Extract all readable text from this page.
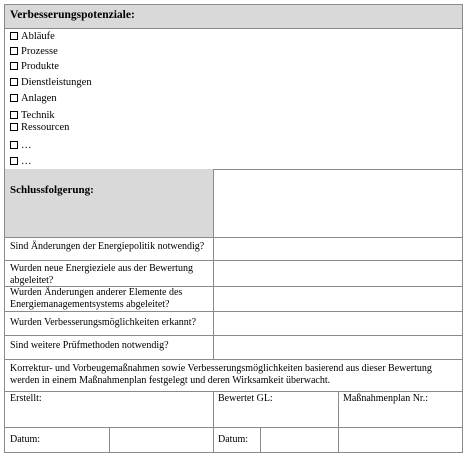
Verbesserungspotenziale:
Abläufe
Prozesse
Produkte
Dienstleistungen
Anlagen
Technik
Ressourcen
…
…
Schlussfolgerung:
Sind Änderungen der Energiepolitik notwendig?
Wurden neue Energieziele aus der Bewertung abgeleitet?
Wurden Änderungen anderer Elemente des Energiemanagementsystems abgeleitet?
Wurden Verbesserungsmöglichkeiten erkannt?
Sind weitere Prüfmethoden notwendig?
Korrektur- und Vorbeugemaßnahmen sowie Verbesserungsmöglichkeiten basierend aus dieser Bewertung werden in einem Maßnahmenplan festgelegt und deren Wirksamkeit überwacht.
Erstellt:	Bewertet GL:	Maßnahmenplan Nr.:
Datum:	Datum:
